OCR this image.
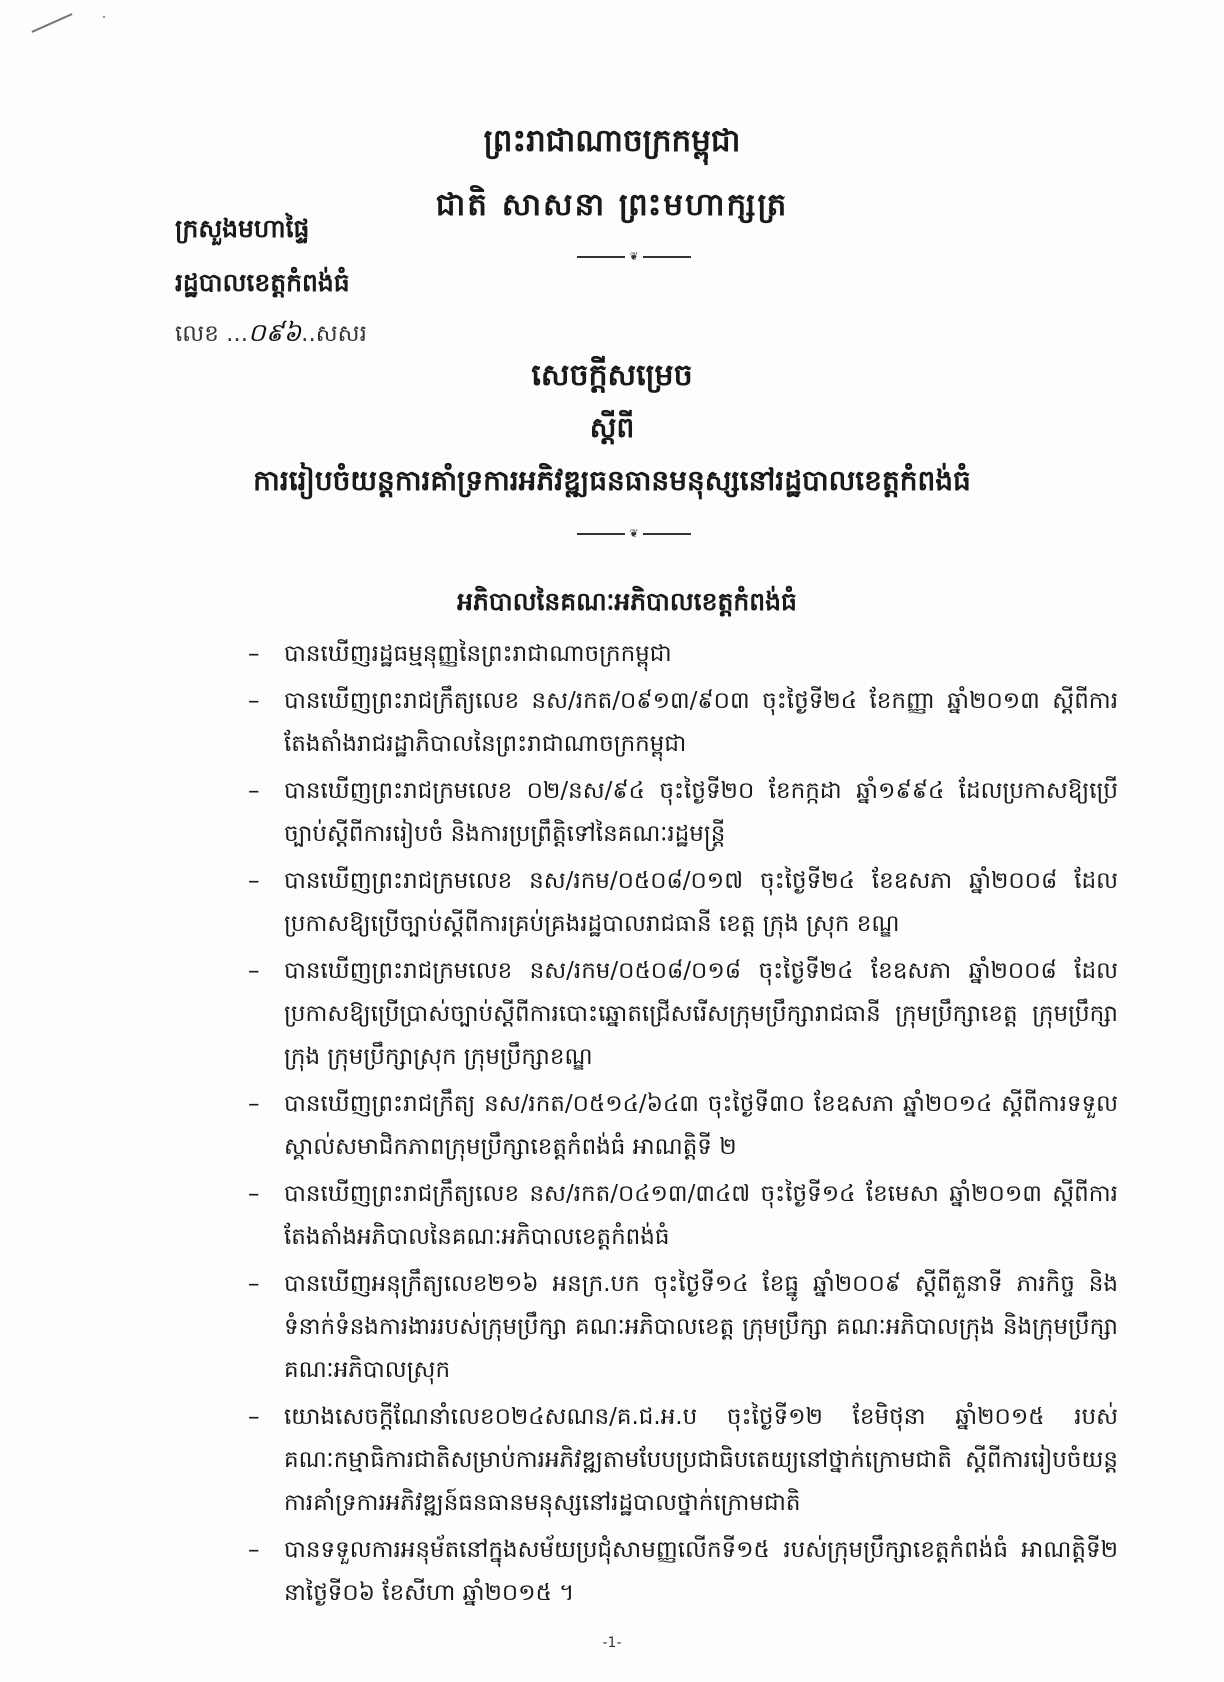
ព្រះរាជាណាចក្រកម្ពុជា
ជាតិ សាសនា ព្រះមហាក្សត្រ
❦
ក្រសួងមហាផ្ទៃ
រដ្ឋបាលខេត្តកំពង់ធំ
លេខ ...០៩៦..សសរ
សេចក្តីសម្រេច
ស្តីពី
ការរៀបចំយន្តការគាំទ្រការអភិវឌ្ឍធនធានមនុស្សនៅរដ្ឋបាលខេត្តកំពង់ធំ
❦
អភិបាលនៃគណៈអភិបាលខេត្តកំពង់ធំ
– បានឃើញរដ្ឋធម្មនុញ្ញនៃព្រះរាជាណាចក្រកម្ពុជា
– បានឃើញព្រះរាជក្រឹត្យលេខ នស/រកត/០៩១៣/៩០៣ ចុះថ្ងៃទី២៤ ខែកញ្ញា ឆ្នាំ២០១៣ ស្តីពីការតែងតាំងរាជរដ្ឋាភិបាលនៃព្រះរាជាណាចក្រកម្ពុជា
– បានឃើញព្រះរាជក្រមលេខ ០២/នស/៩៤ ចុះថ្ងៃទី២០ ខែកក្កដា ឆ្នាំ១៩៩៤ ដែលប្រកាសឱ្យប្រើច្បាប់ស្តីពីការរៀបចំ និងការប្រព្រឹត្តិទៅនៃគណៈរដ្ឋមន្ត្រី
– បានឃើញព្រះរាជក្រមលេខ នស/រកម/០៥០៨/០១៧ ចុះថ្ងៃទី២៤ ខែឧសភា ឆ្នាំ២០០៨ ដែលប្រកាសឱ្យប្រើច្បាប់ស្តីពីការគ្រប់គ្រងរដ្ឋបាលរាជធានី ខេត្ត ក្រុង ស្រុក ខណ្ឌ
– បានឃើញព្រះរាជក្រមលេខ នស/រកម/០៥០៨/០១៨ ចុះថ្ងៃទី២៤ ខែឧសភា ឆ្នាំ២០០៨ ដែលប្រកាសឱ្យប្រើប្រាស់ច្បាប់ស្តីពីការបោះឆ្នោតជ្រើសរើសក្រុមប្រឹក្សារាជធានី ក្រុមប្រឹក្សាខេត្ត ក្រុមប្រឹក្សាក្រុង ក្រុមប្រឹក្សាស្រុក ក្រុមប្រឹក្សាខណ្ឌ
– បានឃើញព្រះរាជក្រឹត្យ នស/រកត/០៥១៤/៦៤៣ ចុះថ្ងៃទី៣០ ខែឧសភា ឆ្នាំ២០១៤ ស្តីពីការទទួលស្គាល់សមាជិកភាពក្រុមប្រឹក្សាខេត្តកំពង់ធំ អាណត្តិទី ២
– បានឃើញព្រះរាជក្រឹត្យលេខ នស/រកត/០៤១៣/៣៤៧ ចុះថ្ងៃទី១៤ ខែមេសា ឆ្នាំ២០១៣ ស្តីពីការតែងតាំងអភិបាលនៃគណៈអភិបាលខេត្តកំពង់ធំ
– បានឃើញអនុក្រឹត្យលេខ២១៦ អនក្រ.បក ចុះថ្ងៃទី១៤ ខែធ្នូ ឆ្នាំ២០០៩ ស្តីពីតួនាទី ភារកិច្ច និងទំនាក់ទំនងការងាររបស់ក្រុមប្រឹក្សា គណៈអភិបាលខេត្ត ក្រុមប្រឹក្សា គណៈអភិបាលក្រុង និងក្រុមប្រឹក្សា គណៈអភិបាលស្រុក
– យោងសេចក្តីណែនាំលេខ០២៤សណន/គ.ជ.អ.ប ចុះថ្ងៃទី១២ ខែមិថុនា ឆ្នាំ២០១៥ របស់គណៈកម្មាធិការជាតិសម្រាប់ការអភិវឌ្ឍតាមបែបប្រជាធិបតេយ្យនៅថ្នាក់ក្រោមជាតិ ស្តីពីការរៀបចំយន្តការគាំទ្រការអភិវឌ្ឍន៍ធនធានមនុស្សនៅរដ្ឋបាលថ្នាក់ក្រោមជាតិ
– បានទទួលការអនុម័តនៅក្នុងសម័យប្រជុំសាមញ្ញលើកទី១៥ របស់ក្រុមប្រឹក្សាខេត្តកំពង់ធំ អាណត្តិទី២ នាថ្ងៃទី០៦ ខែសីហា ឆ្នាំ២០១៥ ។
-1-
